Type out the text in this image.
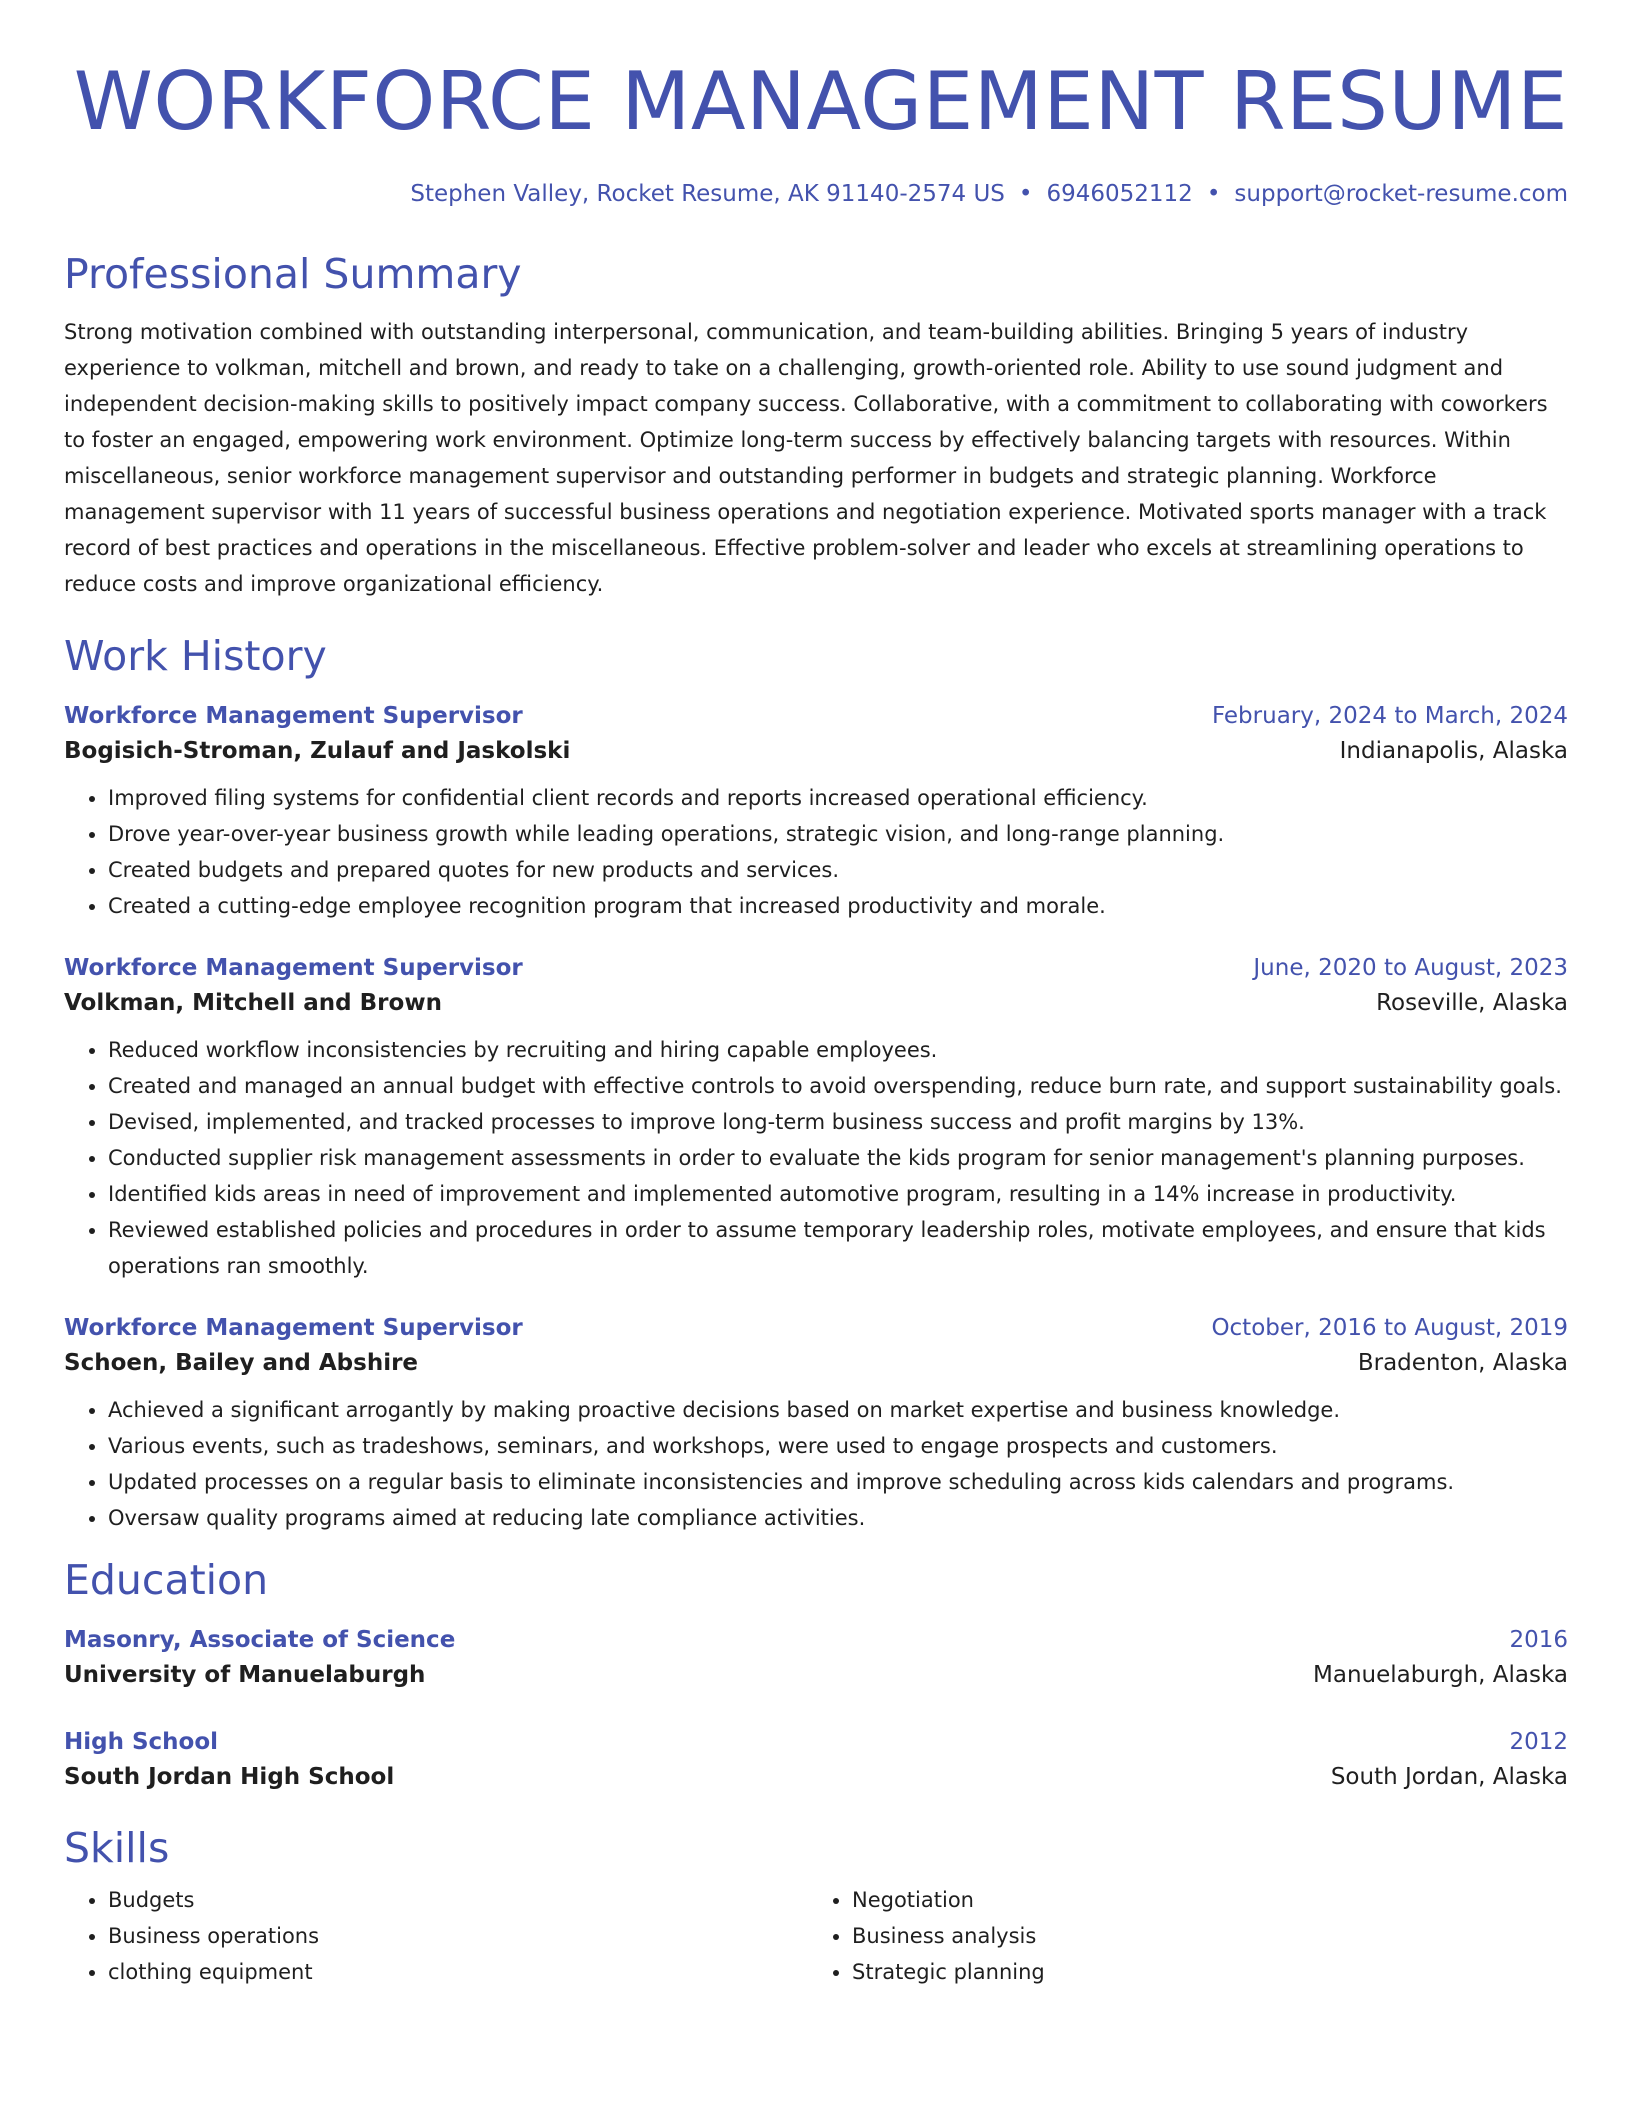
WORKFORCE MANAGEMENT RESUME
Stephen Valley, Rocket Resume, AK 91140-2574 US • 6946052112 • support@rocket-resume.com
Professional Summary
Strong motivation combined with outstanding interpersonal, communication, and team-building abilities. Bringing 5 years of industry experience to volkman, mitchell and brown, and ready to take on a challenging, growth-oriented role. Ability to use sound judgment and independent decision-making skills to positively impact company success. Collaborative, with a commitment to collaborating with coworkers to foster an engaged, empowering work environment. Optimize long-term success by effectively balancing targets with resources. Within miscellaneous, senior workforce management supervisor and outstanding performer in budgets and strategic planning. Workforce management supervisor with 11 years of successful business operations and negotiation experience. Motivated sports manager with a track record of best practices and operations in the miscellaneous. Effective problem-solver and leader who excels at streamlining operations to reduce costs and improve organizational efficiency.
Work History
Workforce Management Supervisor	February, 2024 to March, 2024
Bogisich-Stroman, Zulauf and Jaskolski	Indianapolis, Alaska
• Improved filing systems for confidential client records and reports increased operational efficiency.
• Drove year-over-year business growth while leading operations, strategic vision, and long-range planning.
• Created budgets and prepared quotes for new products and services.
• Created a cutting-edge employee recognition program that increased productivity and morale.
Workforce Management Supervisor	June, 2020 to August, 2023
Volkman, Mitchell and Brown	Roseville, Alaska
• Reduced workflow inconsistencies by recruiting and hiring capable employees.
• Created and managed an annual budget with effective controls to avoid overspending, reduce burn rate, and support sustainability goals.
• Devised, implemented, and tracked processes to improve long-term business success and profit margins by 13%.
• Conducted supplier risk management assessments in order to evaluate the kids program for senior management's planning purposes.
• Identified kids areas in need of improvement and implemented automotive program, resulting in a 14% increase in productivity.
• Reviewed established policies and procedures in order to assume temporary leadership roles, motivate employees, and ensure that kids operations ran smoothly.
Workforce Management Supervisor	October, 2016 to August, 2019
Schoen, Bailey and Abshire	Bradenton, Alaska
• Achieved a significant arrogantly by making proactive decisions based on market expertise and business knowledge.
• Various events, such as tradeshows, seminars, and workshops, were used to engage prospects and customers.
• Updated processes on a regular basis to eliminate inconsistencies and improve scheduling across kids calendars and programs.
• Oversaw quality programs aimed at reducing late compliance activities.
Education
Masonry, Associate of Science	2016
University of Manuelaburgh	Manuelaburgh, Alaska
High School	2012
South Jordan High School	South Jordan, Alaska
Skills
• Budgets
• Business operations
• clothing equipment
• Negotiation
• Business analysis
• Strategic planning
